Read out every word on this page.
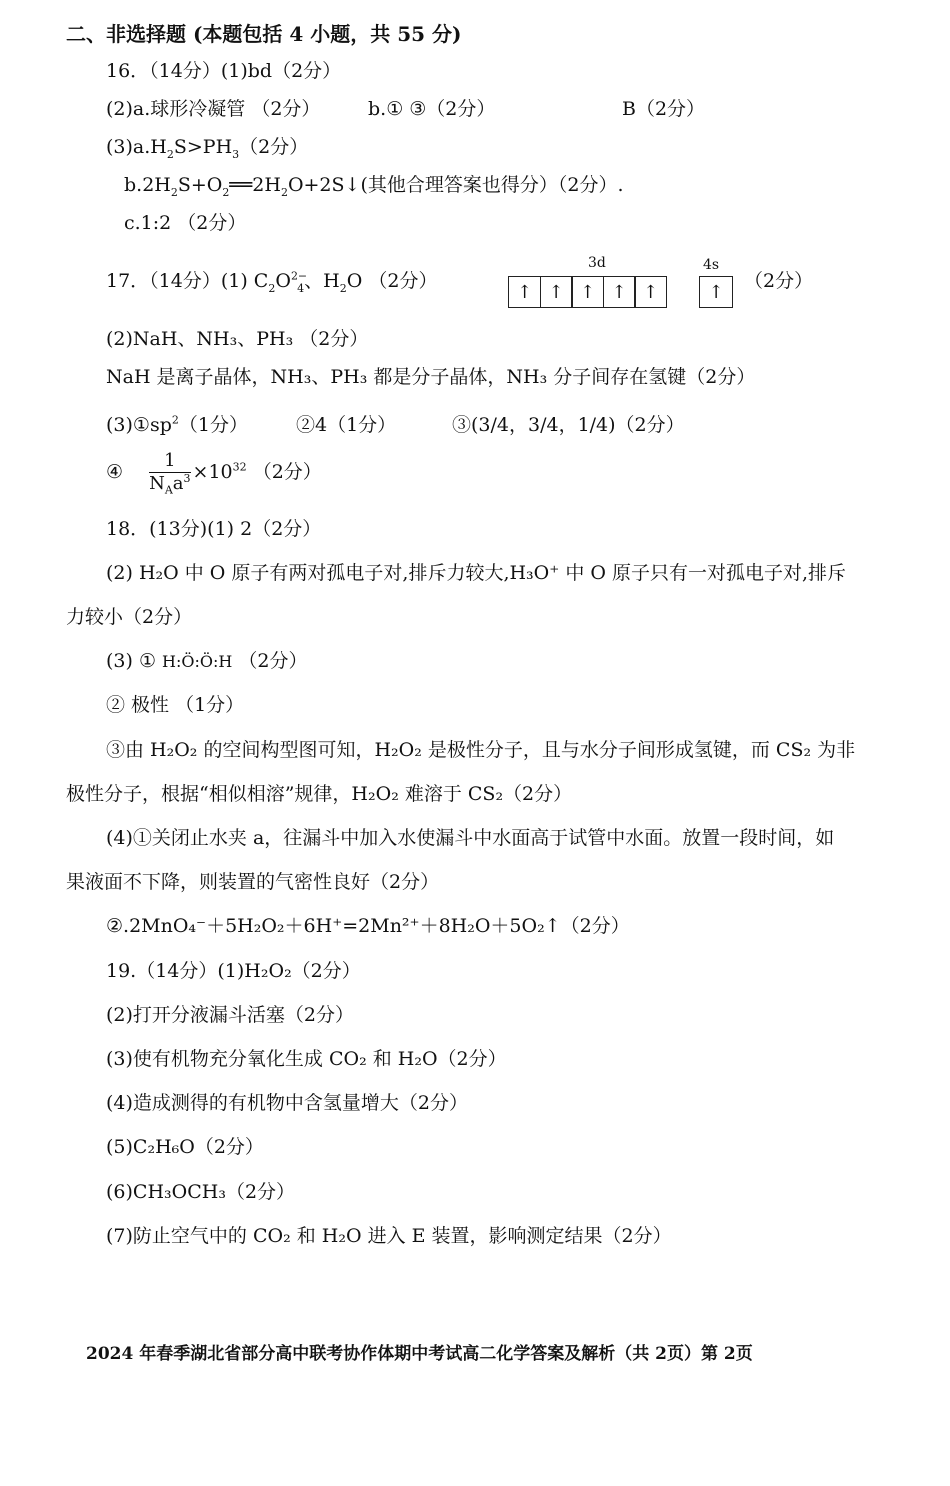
二、非选择题 (本题包括 4 小题，共 55 分)
16．（14分）(1)bd（2分）
(2)a.球形冷凝管 （2分）	b.① ③（2分）	B（2分）
$(3)a.H_2S>PH_3(2$分）
$b.2H_2S+O_2══2H_2O+2S↓$(其他合理答案也得分）（2分）.
c.1:2 （2分）
17．（14分）(1) $C_2O^{2-}_4$、$H_2O$ （2分）
3d	4s
↑ ↑ ↑ ↑ ↑	↑	（2分）
(2)NaH、NH₃、PH₃ （2分）
NaH 是离子晶体，NH₃、PH₃ 都是分子晶体，NH₃ 分子间存在氢键（2分）
$(3)①sp^2(1$分）	②4（1分）	③(3/4，3/4，1/4)（2分）
④ $\frac{1}{N_Aa^3} \times 10^{32}$ （2分）
18．(13分)(1) 2（2分）
(2) H₂O 中 O 原子有两对孤电子对,排斥力较大,H₃O⁺ 中 O 原子只有一对孤电子对,排斥
力较小（2分）
(3) ① H:Ö:Ö:H （2分）
② 极性 （1分）
③由 H₂O₂ 的空间构型图可知，H₂O₂ 是极性分子，且与水分子间形成氢键，而 CS₂ 为非
极性分子，根据“相似相溶”规律，H₂O₂ 难溶于 CS₂（2分）
(4)①关闭止水夹 a，往漏斗中加入水使漏斗中水面高于试管中水面。放置一段时间，如
果液面不下降，则装置的气密性良好（2分）
②.2MnO₄⁻＋5H₂O₂＋6H⁺=2Mn²⁺＋8H₂O＋5O₂↑（2分）
19.（14分）(1)H₂O₂（2分）
(2)打开分液漏斗活塞（2分）
(3)使有机物充分氧化生成 CO₂ 和 H₂O（2分）
(4)造成测得的有机物中含氢量增大（2分）
(5)C₂H₆O（2分）
(6)CH₃OCH₃（2分）
(7)防止空气中的 CO₂ 和 H₂O 进入 E 装置，影响测定结果（2分）
2024 年春季湖北省部分高中联考协作体期中考试高二化学答案及解析（共 2页）第 2页
